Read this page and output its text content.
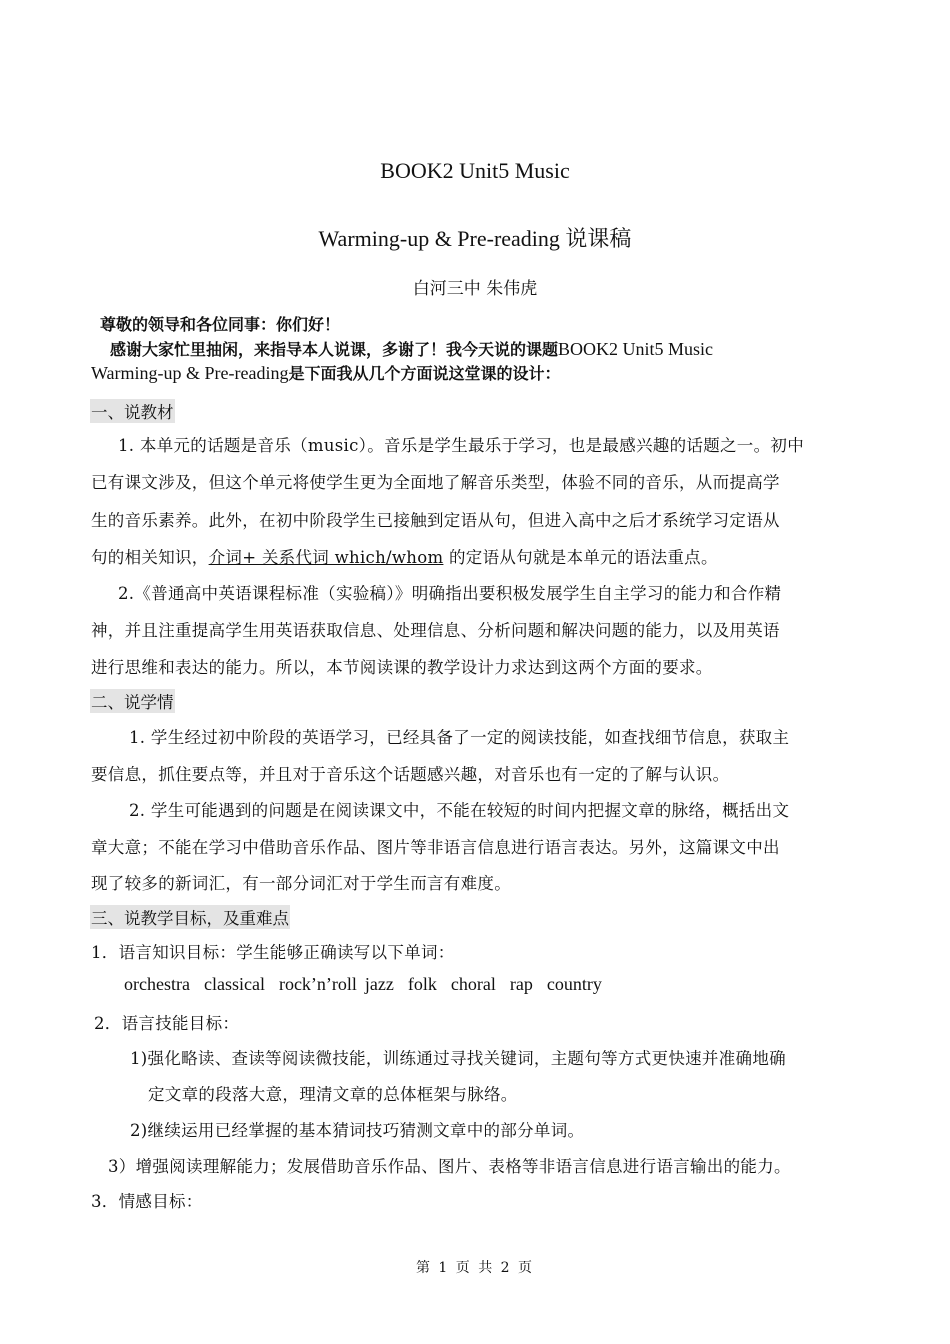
BOOK2 Unit5 Music
Warming-up & Pre-reading 说课稿
白河三中 朱伟虎
尊敬的领导和各位同事：你们好！
感谢大家忙里抽闲，来指导本人说课，多谢了！我今天说的课题BOOK2 Unit5 Music
Warming-up & Pre-reading是下面我从几个方面说这堂课的设计：
一、说教材
1. 本单元的话题是音乐（music）。音乐是学生最乐于学习，也是最感兴趣的话题之一。初中
已有课文涉及，但这个单元将使学生更为全面地了解音乐类型，体验不同的音乐，从而提高学
生的音乐素养。此外，在初中阶段学生已接触到定语从句，但进入高中之后才系统学习定语从
句的相关知识，介词+ 关系代词 which/whom 的定语从句就是本单元的语法重点。
2.《普通高中英语课程标准（实验稿）》明确指出要积极发展学生自主学习的能力和合作精
神，并且注重提高学生用英语获取信息、处理信息、分析问题和解决问题的能力，以及用英语
进行思维和表达的能力。所以，本节阅读课的教学设计力求达到这两个方面的要求。
二、说学情
1. 学生经过初中阶段的英语学习，已经具备了一定的阅读技能，如查找细节信息，获取主
要信息，抓住要点等，并且对于音乐这个话题感兴趣，对音乐也有一定的了解与认识。
2. 学生可能遇到的问题是在阅读课文中，不能在较短的时间内把握文章的脉络，概括出文
章大意；不能在学习中借助音乐作品、图片等非语言信息进行语言表达。另外，这篇课文中出
现了较多的新词汇，有一部分词汇对于学生而言有难度。
三、说教学目标，及重难点
1．语言知识目标：学生能够正确读写以下单词：
orchestra classical rock’n’roll jazz folk choral rap country
2．语言技能目标：
1)强化略读、查读等阅读微技能，训练通过寻找关键词，主题句等方式更快速并准确地确
定文章的段落大意，理清文章的总体框架与脉络。
2)继续运用已经掌握的基本猜词技巧猜测文章中的部分单词。
3）增强阅读理解能力；发展借助音乐作品、图片、表格等非语言信息进行语言输出的能力。
3．情感目标：
第 1 页 共 2 页
